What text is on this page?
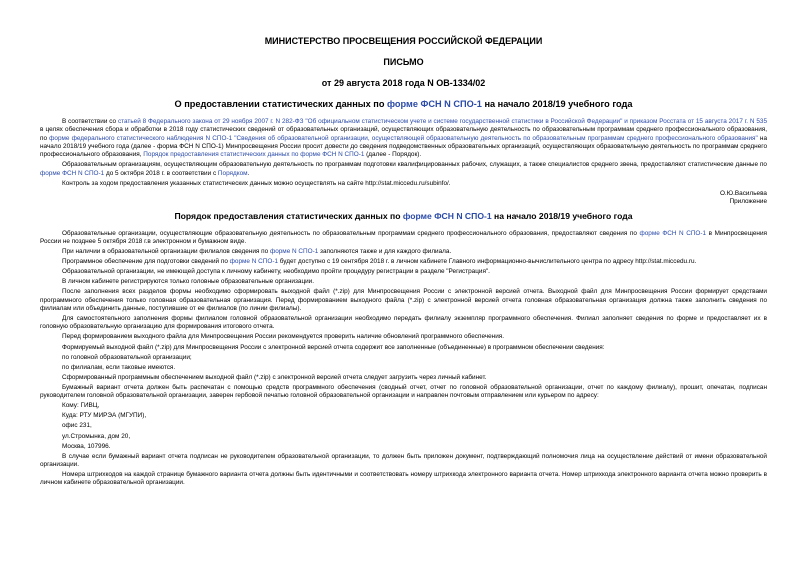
МИНИСТЕРСТВО ПРОСВЕЩЕНИЯ РОССИЙСКОЙ ФЕДЕРАЦИИ
ПИСЬМО
от 29 августа 2018 года N ОВ-1334/02
О предоставлении статистических данных по форме ФСН N СПО-1 на начало 2018/19 учебного года

В соответствии со статьей 8 Федерального закона от 29 ноября 2007 г. N 282-ФЗ "Об официальном статистическом учете и системе государственной статистики в Российской Федерации" и приказом Росстата от 15 августа 2017 г. N 535 в целях обеспечения сбора и обработки в 2018 году статистических сведений от образовательных организаций, осуществляющих образовательную деятельность по образовательным программам среднего профессионального образования, по форме федерального статистического наблюдения N СПО-1 "Сведения об образовательной организации, осуществляющей образовательную деятельность по образовательным программам среднего профессионального образования" на начало 2018/19 учебного года (далее - форма ФСН N СПО-1) Минпросвещения России просит довести до сведения подведомственных образовательных организаций, осуществляющих образовательную деятельность по программам среднего профессионального образования, Порядок предоставления статистических данных по форме ФСН N СПО-1 (далее - Порядок).

Образовательным организациям, осуществляющим образовательную деятельность по программам подготовки квалифицированных рабочих, служащих, а также специалистов среднего звена, предоставляют статистические данные по форме ФСН N СПО-1 до 5 октября 2018 г. в соответствии с Порядком.

Контроль за ходом предоставления указанных статистических данных можно осуществлять на сайте http://stat.miccedu.ru/subinfo/.

О.Ю.Васильева
Приложение
Порядок предоставления статистических данных по форме ФСН N СПО-1 на начало 2018/19 учебного года

Образовательные организации, осуществляющие образовательную деятельность по образовательным программам среднего профессионального образования, предоставляют сведения по форме ФСН N СПО-1 в Минпросвещения России не позднее 5 октября 2018 г.в электронном и бумажном виде.

При наличии в образовательной организации филиалов сведения по форме N СПО-1 заполняются также и для каждого филиала.

Программное обеспечение для подготовки сведений по форме N СПО-1 будет доступно с 19 сентября 2018 г. в личном кабинете Главного информационно-вычислительного центра по адресу http://stat.miccedu.ru.

Образовательной организации, не имеющей доступа к личному кабинету, необходимо пройти процедуру регистрации в разделе "Регистрация".

В личном кабинете регистрируются только головные образовательные организации.

После заполнения всех разделов формы необходимо сформировать выходной файл (*.zip) для Минпросвещения России с электронной версией отчета. Выходной файл для Минпросвещения России формирует средствами программного обеспечения только головная образовательная организация. Перед формированием выходного файла (*.zip) с электронной версией отчета головная образовательная организация должна также заполнить сведения по филиалам или объединить данные, поступившие от ее филиалов (по линии филиалы).

Для самостоятельного заполнения формы филиалом головной образовательной организации необходимо передать филиалу экземпляр программного обеспечения. Филиал заполняет сведения по форме и предоставляет их в головную образовательную организацию для формирования итогового отчета.

Перед формированием выходного файла для Минпросвещения России рекомендуется проверить наличие обновлений программного обеспечения.

Формируемый выходной файл (*.zip) для Минпросвещения России с электронной версией отчета содержит все заполненные (объединенные) в программном обеспечении сведения:

по головной образовательной организации;

по филиалам, если таковые имеются.

Сформированный программным обеспечением выходной файл (*.zip) с электронной версией отчета следует загрузить через личный кабинет.

Бумажный вариант отчета должен быть распечатан с помощью средств программного обеспечения (сводный отчет, отчет по головной образовательной организации, отчет по каждому филиалу), прошит, опечатан, подписан руководителем головной образовательной организации, заверен гербовой печатью головной образовательной организации и направлен почтовым отправлением или курьером по адресу:

Кому: ГИВЦ,
Куда: РТУ МИРЭА (МГУПИ),
офис 231,
ул.Стромынка, дом 20,
Москва, 107996.

В случае если бумажный вариант отчета подписан не руководителем образовательной организации, то должен быть приложен документ, подтверждающий полномочия лица на осуществление действий от имени образовательной организации.

Номера штрихкодов на каждой странице бумажного варианта отчета должны быть идентичными и соответствовать номеру штрихкода электронного варианта отчета. Номер штрихкода электронного варианта отчета можно проверить в личном кабинете образовательной организации.
